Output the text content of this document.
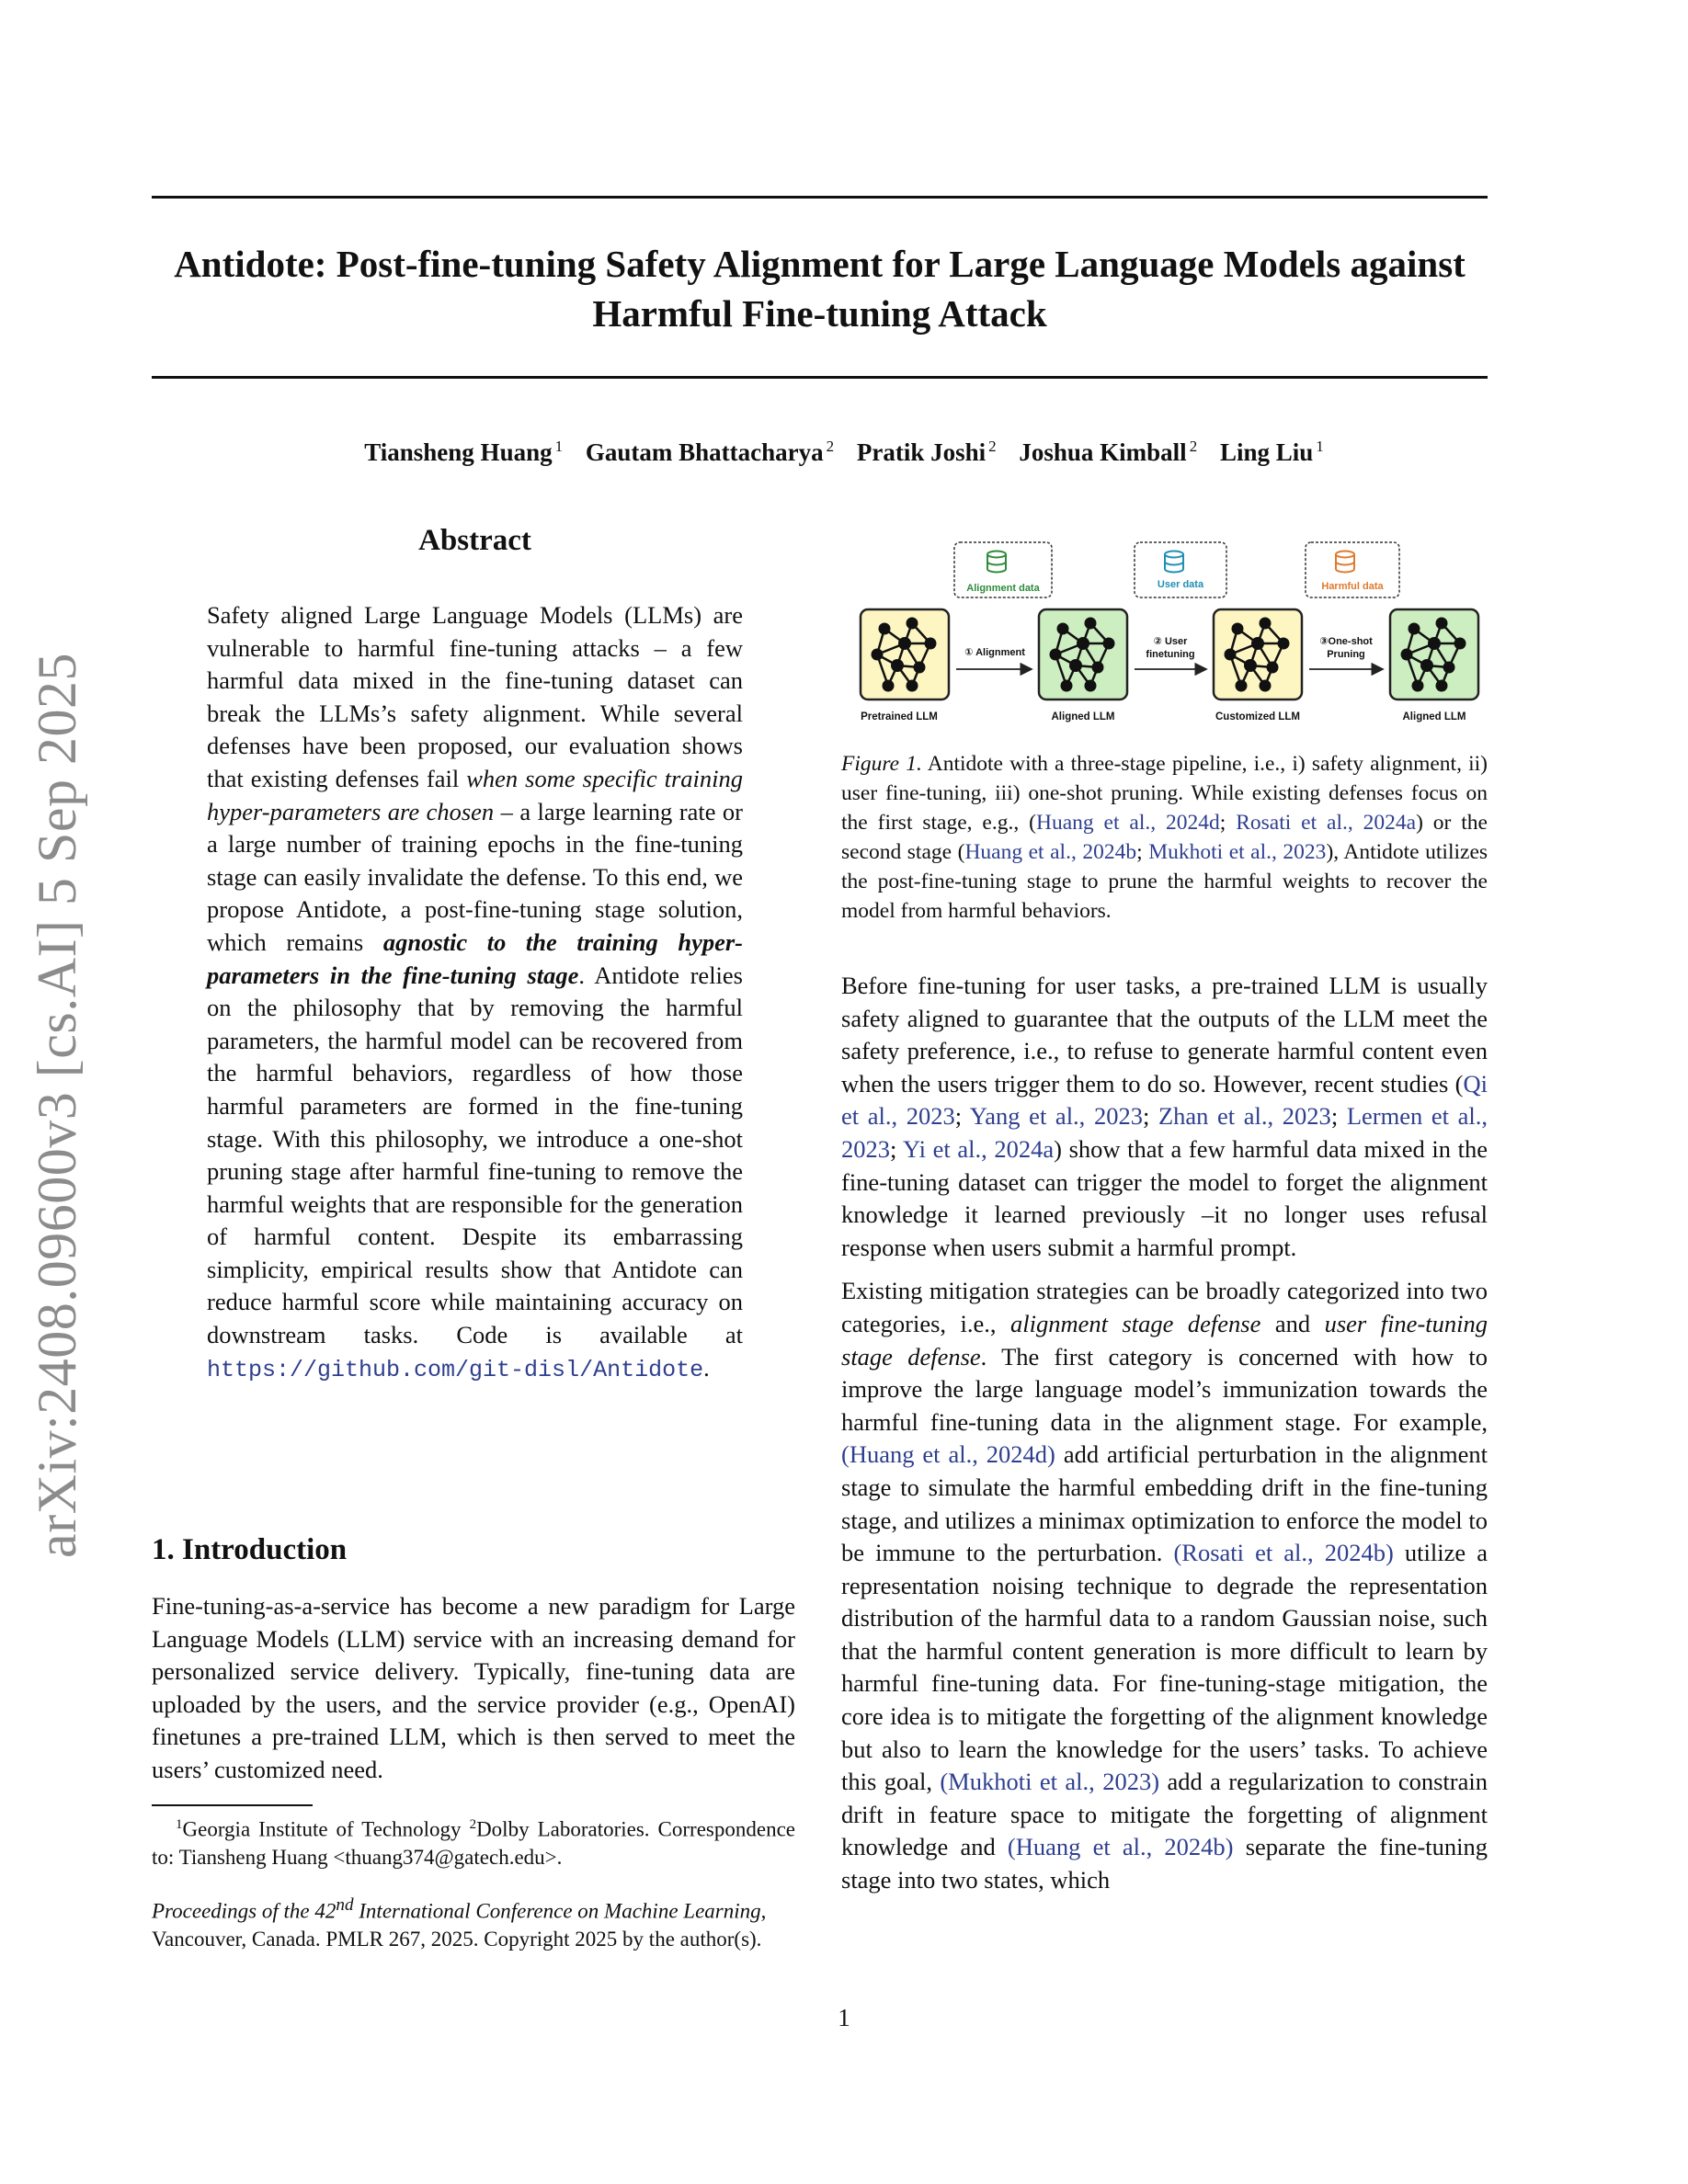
Antidote: Post-fine-tuning Safety Alignment for Large Language Models against
Harmful Fine-tuning Attack
Tiansheng Huang $^1$ Gautam Bhattacharya $^2$ Pratik Joshi $^2$ Joshua Kimball $^2$ Ling Liu $^1$
arXiv:2408.09600v3 [cs.AI] 5 Sep 2025
Abstract

Safety aligned Large Language Models (LLMs) are vulnerable to harmful fine-tuning attacks – a few harmful data mixed in the fine-tuning dataset can break the LLMs’s safety alignment. While several defenses have been proposed, our evaluation shows that existing defenses fail when some specific training hyper-parameters are chosen – a large learning rate or a large number of training epochs in the fine-tuning stage can easily invalidate the defense. To this end, we propose Antidote, a post-fine-tuning stage solution, which remains agnostic to the training hyper-parameters in the fine-tuning stage. Antidote relies on the philosophy that by removing the harmful parameters, the harmful model can be recovered from the harmful behaviors, regardless of how those harmful parameters are formed in the fine-tuning stage. With this philosophy, we introduce a one-shot pruning stage after harmful fine-tuning to remove the harmful weights that are responsible for the generation of harmful content. Despite its embarrassing simplicity, empirical results show that Antidote can reduce harmful score while maintaining accuracy on downstream tasks. Code is available at https://github.com/git-disl/Antidote.

1. Introduction

Fine-tuning-as-a-service has become a new paradigm for Large Language Models (LLM) service with an increasing demand for personalized service delivery. Typically, fine-tuning data are uploaded by the users, and the service provider (e.g., OpenAI) finetunes a pre-trained LLM, which is then served to meet the users’ customized need.

$^1$Georgia Institute of Technology $^2$Dolby Laboratories. Correspondence to: Tiansheng Huang <thuang374@gatech.edu>.
Proceedings of the 42nd International Conference on Machine Learning, Vancouver, Canada. PMLR 267, 2025. Copyright 2025 by the author(s).
Alignment data	User data	Harmful data
Pretrained LLM	Aligned LLM	Customized LLM	Aligned LLM
① Alignment
② User
finetuning
③One-shot
Pruning
Figure 1. Antidote with a three-stage pipeline, i.e., i) safety alignment, ii) user fine-tuning, iii) one-shot pruning. While existing defenses focus on the first stage, e.g., (Huang et al., 2024d; Rosati et al., 2024a) or the second stage (Huang et al., 2024b; Mukhoti et al., 2023), Antidote utilizes the post-fine-tuning stage to prune the harmful weights to recover the model from harmful behaviors.

Before fine-tuning for user tasks, a pre-trained LLM is usually safety aligned to guarantee that the outputs of the LLM meet the safety preference, i.e., to refuse to generate harmful content even when the users trigger them to do so. However, recent studies (Qi et al., 2023; Yang et al., 2023; Zhan et al., 2023; Lermen et al., 2023; Yi et al., 2024a) show that a few harmful data mixed in the fine-tuning dataset can trigger the model to forget the alignment knowledge it learned previously –it no longer uses refusal response when users submit a harmful prompt.

Existing mitigation strategies can be broadly categorized into two categories, i.e., alignment stage defense and user fine-tuning stage defense. The first category is concerned with how to improve the large language model’s immunization towards the harmful fine-tuning data in the alignment stage. For example, (Huang et al., 2024d) add artificial perturbation in the alignment stage to simulate the harmful embedding drift in the fine-tuning stage, and utilizes a minimax optimization to enforce the model to be immune to the perturbation. (Rosati et al., 2024b) utilize a representation noising technique to degrade the representation distribution of the harmful data to a random Gaussian noise, such that the harmful content generation is more difficult to learn by harmful fine-tuning data. For fine-tuning-stage mitigation, the core idea is to mitigate the forgetting of the alignment knowledge but also to learn the knowledge for the users’ tasks. To achieve this goal, (Mukhoti et al., 2023) add a regularization to constrain drift in feature space to mitigate the forgetting of alignment knowledge and (Huang et al., 2024b) separate the fine-tuning stage into two states, which

1
